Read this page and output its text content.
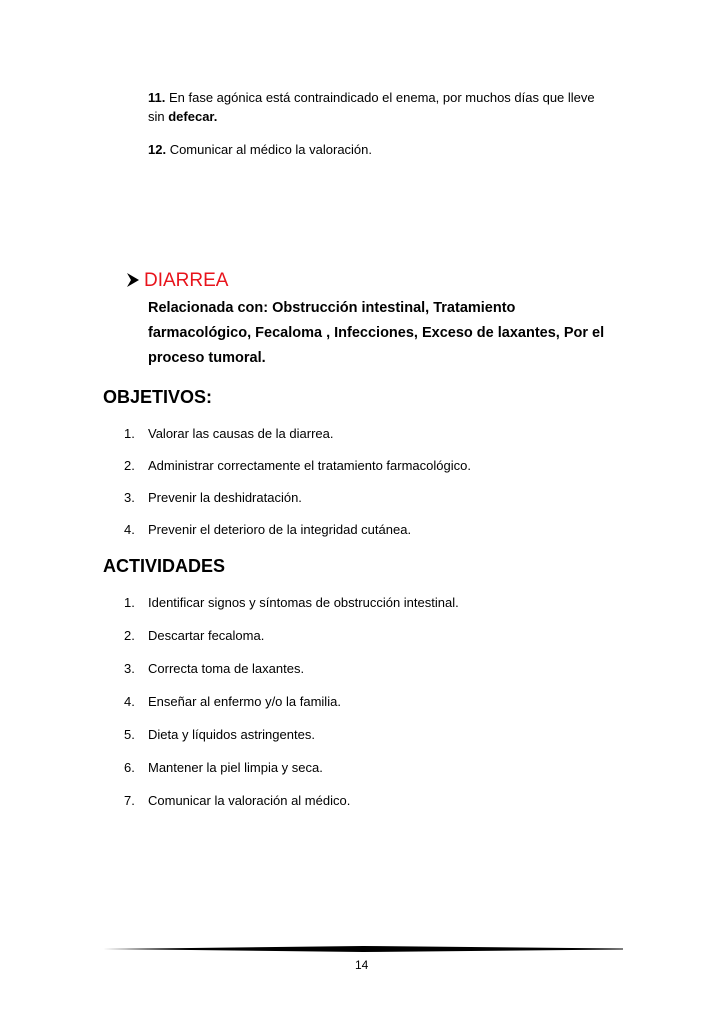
11. En fase agónica está contraindicado el enema, por muchos días que lleve
sin defecar.
12. Comunicar al médico la valoración.
DIARREA
Relacionada con: Obstrucción intestinal, Tratamiento
farmacológico, Fecaloma , Infecciones, Exceso de laxantes, Por el
proceso tumoral.
OBJETIVOS:
1. Valorar las causas de la diarrea.
2. Administrar correctamente el tratamiento farmacológico.
3. Prevenir la deshidratación.
4. Prevenir el deterioro de la integridad cutánea.
ACTIVIDADES
1. Identificar signos y síntomas de obstrucción intestinal.
2. Descartar fecaloma.
3. Correcta toma de laxantes.
4. Enseñar al enfermo y/o la familia.
5. Dieta y líquidos astringentes.
6. Mantener la piel limpia y seca.
7. Comunicar la valoración al médico.
14
